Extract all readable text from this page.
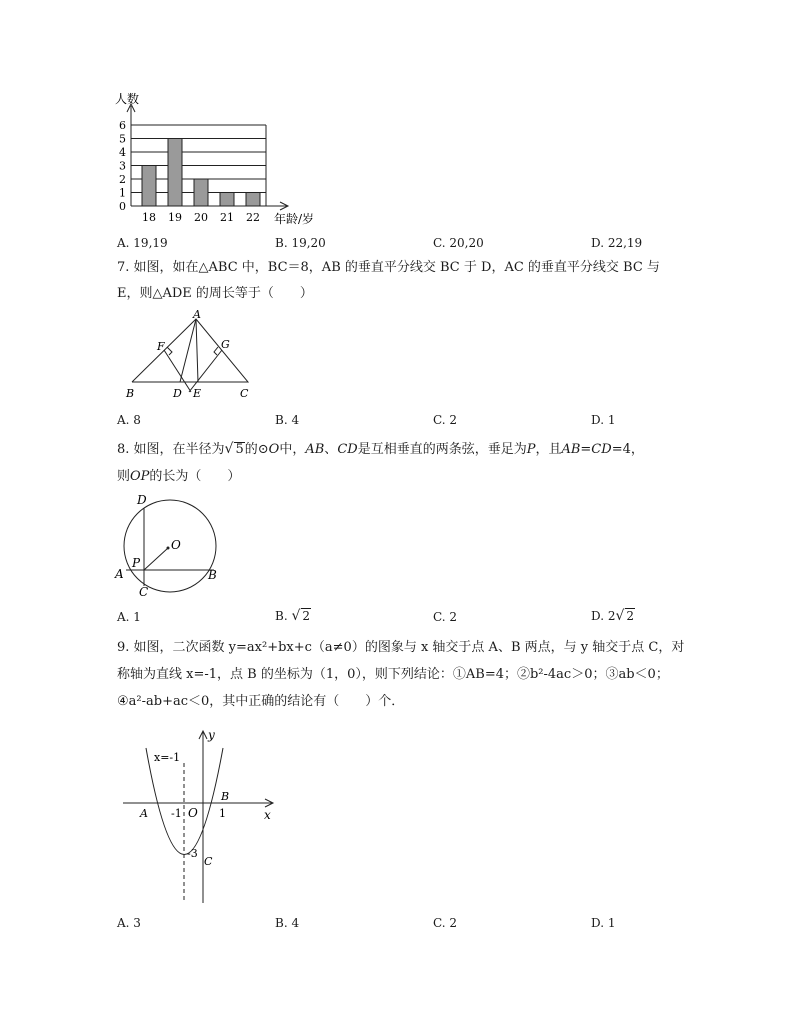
0
1
2
3
4
5
6
18 19 20 21 22
人数
年龄/岁
A. 19,19	B. 19,20	C. 20,20	D. 22,19
7. 如图，如在△ABC 中，BC＝8，AB 的垂直平分线交 BC 于 D，AC 的垂直平分线交 BC 与
E，则△ADE 的周长等于（　　）
A
F	G
B	D E	C
A. 8	B. 4	C. 2	D. 1
8. 如图，在半径为√ 5的⊙O中，AB、CD是互相垂直的两条弦，垂足为P，且AB=CD=4，
则OP的长为（　　）
D
O
P
A	B
C
A. 1	B. √ 2	C. 2	D. 2√ 2
9. 如图，二次函数 y=ax²+bx+c（a≠0）的图象与 x 轴交于点 A、B 两点，与 y 轴交于点 C，对
称轴为直线 x=-1，点 B 的坐标为（1，0），则下列结论：①AB=4；②b²-4ac＞0；③ab＜0；
④a²-ab+ac＜0，其中正确的结论有（　　）个．
y
x
x=-1
A -1 O
B
1
-3
C
A. 3	B. 4	C. 2	D. 1
